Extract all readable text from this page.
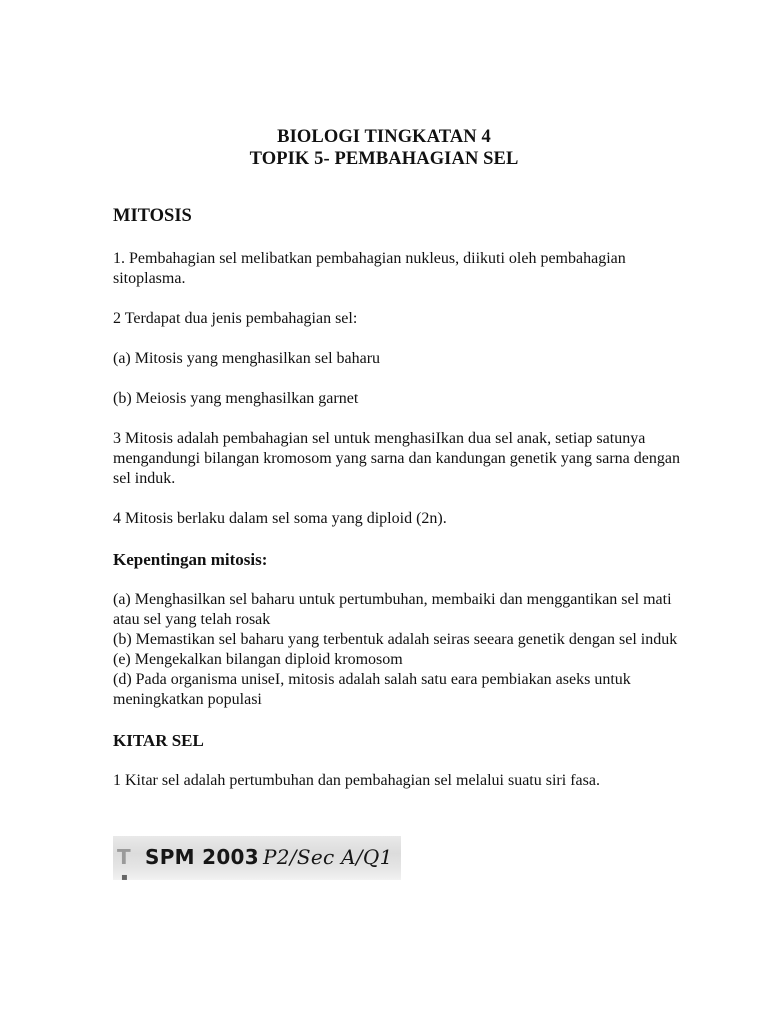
BIOLOGI TINGKATAN 4
TOPIK 5- PEMBAHAGIAN SEL
MITOSIS

1. Pembahagian sel melibatkan pembahagian nukleus, diikuti oleh pembahagian sitoplasma.

2 Terdapat dua jenis pembahagian sel:

(a) Mitosis yang menghasilkan sel baharu

(b) Meiosis yang menghasilkan garnet

3 Mitosis adalah pembahagian sel untuk menghasiIkan dua sel anak, setiap satunya mengandungi bilangan kromosom yang sarna dan kandungan genetik yang sarna dengan sel induk.

4 Mitosis berlaku dalam sel soma yang diploid (2n).

Kepentingan mitosis:

(a) Menghasilkan sel baharu untuk pertumbuhan, membaiki dan menggantikan sel mati atau sel yang telah rosak

(b) Memastikan sel baharu yang terbentuk adalah seiras seeara genetik dengan sel induk

(e) Mengekalkan bilangan diploid kromosom

(d) Pada organisma uniseI, mitosis adalah salah satu eara pembiakan aseks untuk meningkatkan populasi

KITAR SEL

1 Kitar sel adalah pertumbuhan dan pembahagian sel melalui suatu siri fasa.

T SPM 2003 P2/Sec A/Q1
▪
